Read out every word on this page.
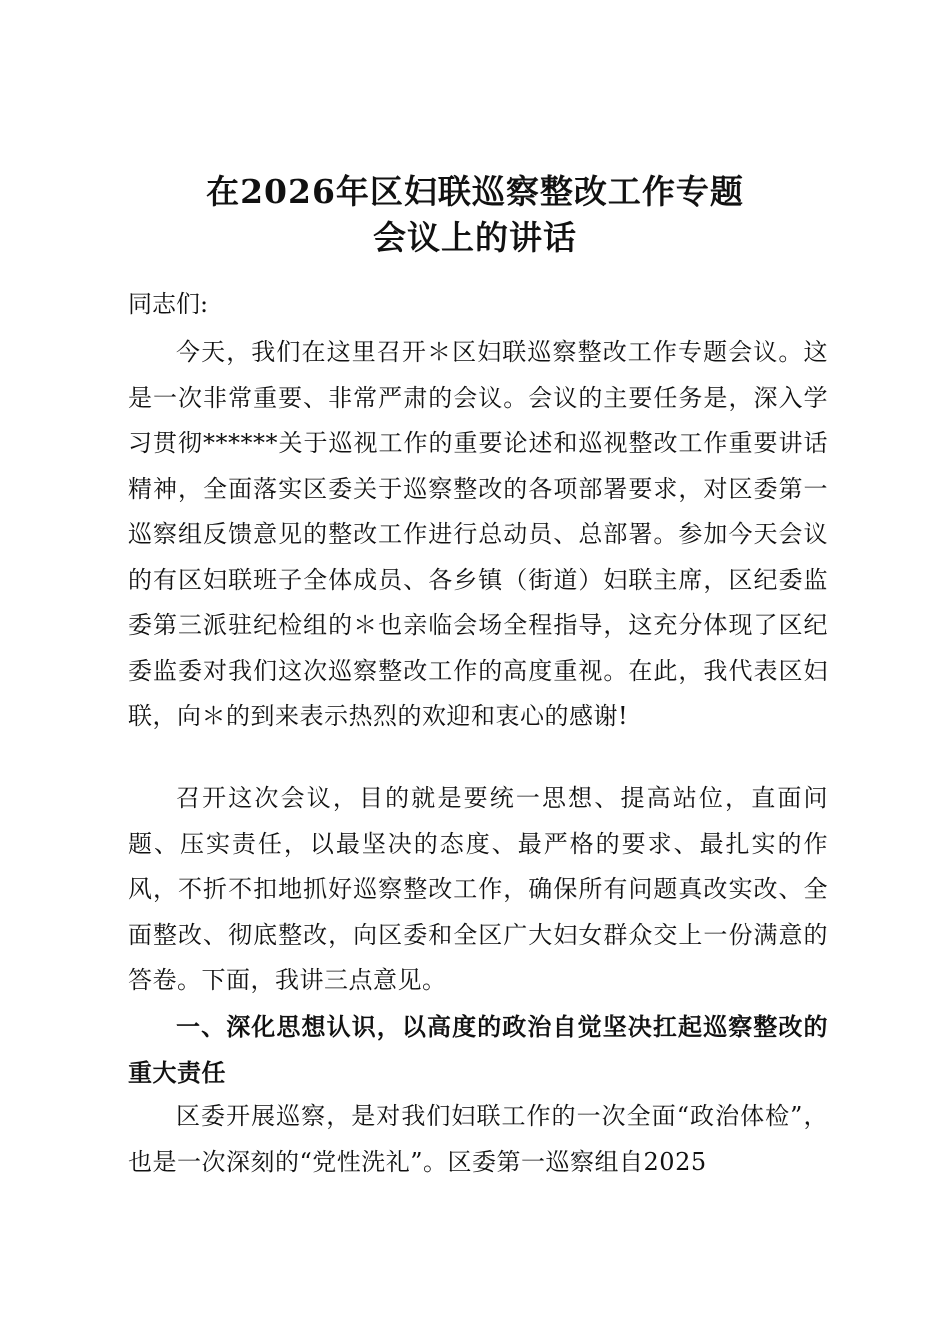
在2026年区妇联巡察整改工作专题
会议上的讲话
同志们:

今天，我们在这里召开＊区妇联巡察整改工作专题会议。这是一次非常重要、非常严肃的会议。会议的主要任务是，深入学习贯彻******关于巡视工作的重要论述和巡视整改工作重要讲话精神，全面落实区委关于巡察整改的各项部署要求，对区委第一巡察组反馈意见的整改工作进行总动员、总部署。参加今天会议的有区妇联班子全体成员、各乡镇（街道）妇联主席，区纪委监委第三派驻纪检组的＊也亲临会场全程指导，这充分体现了区纪委监委对我们这次巡察整改工作的高度重视。在此，我代表区妇联，向＊的到来表示热烈的欢迎和衷心的感谢!

召开这次会议，目的就是要统一思想、提高站位，直面问题、压实责任，以最坚决的态度、最严格的要求、最扎实的作风，不折不扣地抓好巡察整改工作，确保所有问题真改实改、全面整改、彻底整改，向区委和全区广大妇女群众交上一份满意的答卷。下面，我讲三点意见。

一、深化思想认识，以高度的政治自觉坚决扛起巡察整改的重大责任

区委开展巡察，是对我们妇联工作的一次全面“政治体检”，也是一次深刻的“党性洗礼”。区委第一巡察组自2025
